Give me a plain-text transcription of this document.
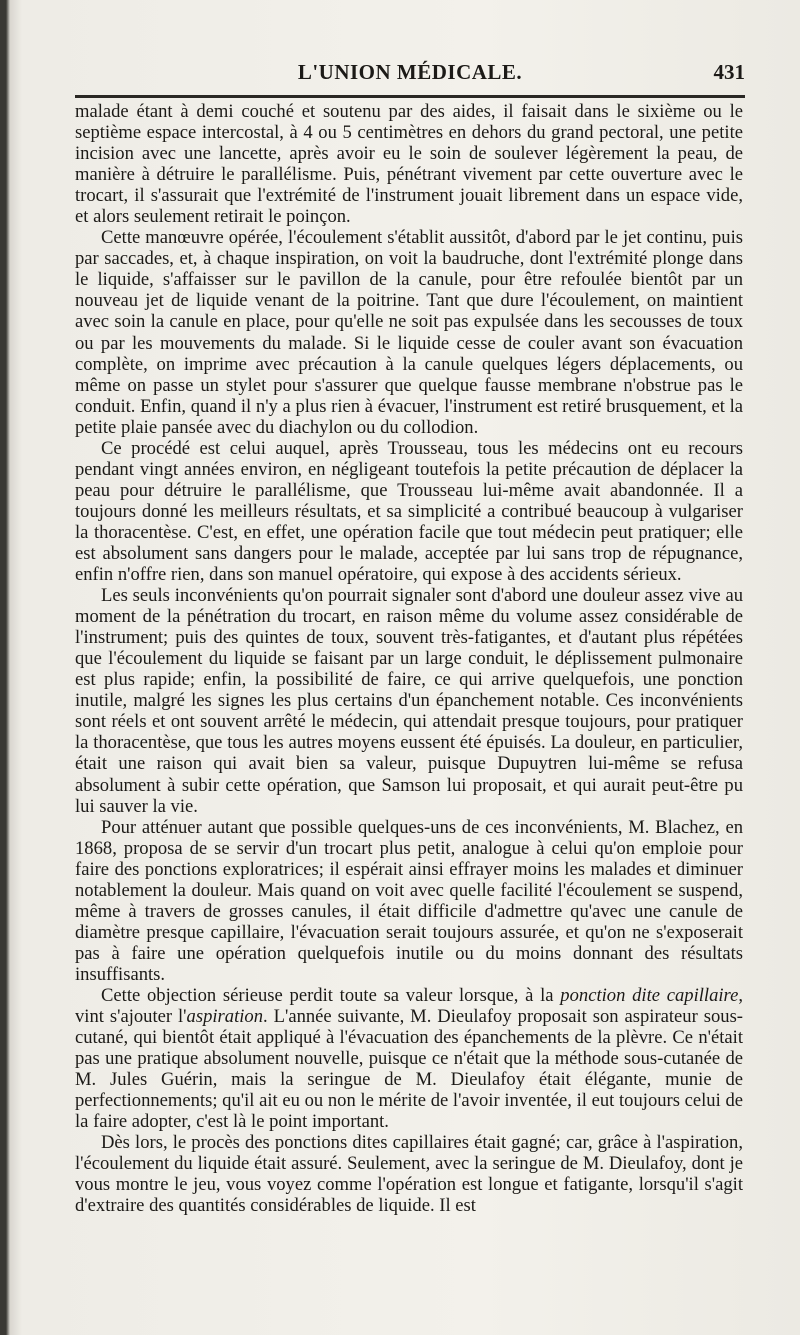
L'UNION MÉDICALE.	431

malade étant à demi couché et soutenu par des aides, il faisait dans le sixième ou le septième espace intercostal, à 4 ou 5 centimètres en dehors du grand pectoral, une petite incision avec une lancette, après avoir eu le soin de soulever légèrement la peau, de manière à détruire le parallélisme. Puis, pénétrant vivement par cette ouverture avec le trocart, il s'assurait que l'extrémité de l'instrument jouait librement dans un espace vide, et alors seulement retirait le poinçon.

Cette manœuvre opérée, l'écoulement s'établit aussitôt, d'abord par le jet continu, puis par saccades, et, à chaque inspiration, on voit la baudruche, dont l'extrémité plonge dans le liquide, s'affaisser sur le pavillon de la canule, pour être refoulée bientôt par un nouveau jet de liquide venant de la poitrine. Tant que dure l'écoulement, on maintient avec soin la canule en place, pour qu'elle ne soit pas expulsée dans les secousses de toux ou par les mouvements du malade. Si le liquide cesse de couler avant son évacuation complète, on imprime avec précaution à la canule quelques légers déplacements, ou même on passe un stylet pour s'assurer que quelque fausse membrane n'obstrue pas le conduit. Enfin, quand il n'y a plus rien à évacuer, l'instrument est retiré brusquement, et la petite plaie pansée avec du diachylon ou du collodion.

Ce procédé est celui auquel, après Trousseau, tous les médecins ont eu recours pendant vingt années environ, en négligeant toutefois la petite précaution de déplacer la peau pour détruire le parallélisme, que Trousseau lui-même avait abandonnée. Il a toujours donné les meilleurs résultats, et sa simplicité a contribué beaucoup à vulgariser la thoracentèse. C'est, en effet, une opération facile que tout médecin peut pratiquer; elle est absolument sans dangers pour le malade, acceptée par lui sans trop de répugnance, enfin n'offre rien, dans son manuel opératoire, qui expose à des accidents sérieux.

Les seuls inconvénients qu'on pourrait signaler sont d'abord une douleur assez vive au moment de la pénétration du trocart, en raison même du volume assez considérable de l'instrument; puis des quintes de toux, souvent très-fatigantes, et d'autant plus répétées que l'écoulement du liquide se faisant par un large conduit, le déplissement pulmonaire est plus rapide; enfin, la possibilité de faire, ce qui arrive quelquefois, une ponction inutile, malgré les signes les plus certains d'un épanchement notable. Ces inconvénients sont réels et ont souvent arrêté le médecin, qui attendait presque toujours, pour pratiquer la thoracentèse, que tous les autres moyens eussent été épuisés. La douleur, en particulier, était une raison qui avait bien sa valeur, puisque Dupuytren lui-même se refusa absolument à subir cette opération, que Samson lui proposait, et qui aurait peut-être pu lui sauver la vie.

Pour atténuer autant que possible quelques-uns de ces inconvénients, M. Blachez, en 1868, proposa de se servir d'un trocart plus petit, analogue à celui qu'on emploie pour faire des ponctions exploratrices; il espérait ainsi effrayer moins les malades et diminuer notablement la douleur. Mais quand on voit avec quelle facilité l'écoulement se suspend, même à travers de grosses canules, il était difficile d'admettre qu'avec une canule de diamètre presque capillaire, l'évacuation serait toujours assurée, et qu'on ne s'exposerait pas à faire une opération quelquefois inutile ou du moins donnant des résultats insuffisants.

Cette objection sérieuse perdit toute sa valeur lorsque, à la ponction dite capillaire, vint s'ajouter l'aspiration. L'année suivante, M. Dieulafoy proposait son aspirateur sous-cutané, qui bientôt était appliqué à l'évacuation des épanchements de la plèvre. Ce n'était pas une pratique absolument nouvelle, puisque ce n'était que la méthode sous-cutanée de M. Jules Guérin, mais la seringue de M. Dieulafoy était élégante, munie de perfectionnements; qu'il ait eu ou non le mérite de l'avoir inventée, il eut toujours celui de la faire adopter, c'est là le point important.

Dès lors, le procès des ponctions dites capillaires était gagné; car, grâce à l'aspiration, l'écoulement du liquide était assuré. Seulement, avec la seringue de M. Dieulafoy, dont je vous montre le jeu, vous voyez comme l'opération est longue et fatigante, lorsqu'il s'agit d'extraire des quantités considérables de liquide. Il est
